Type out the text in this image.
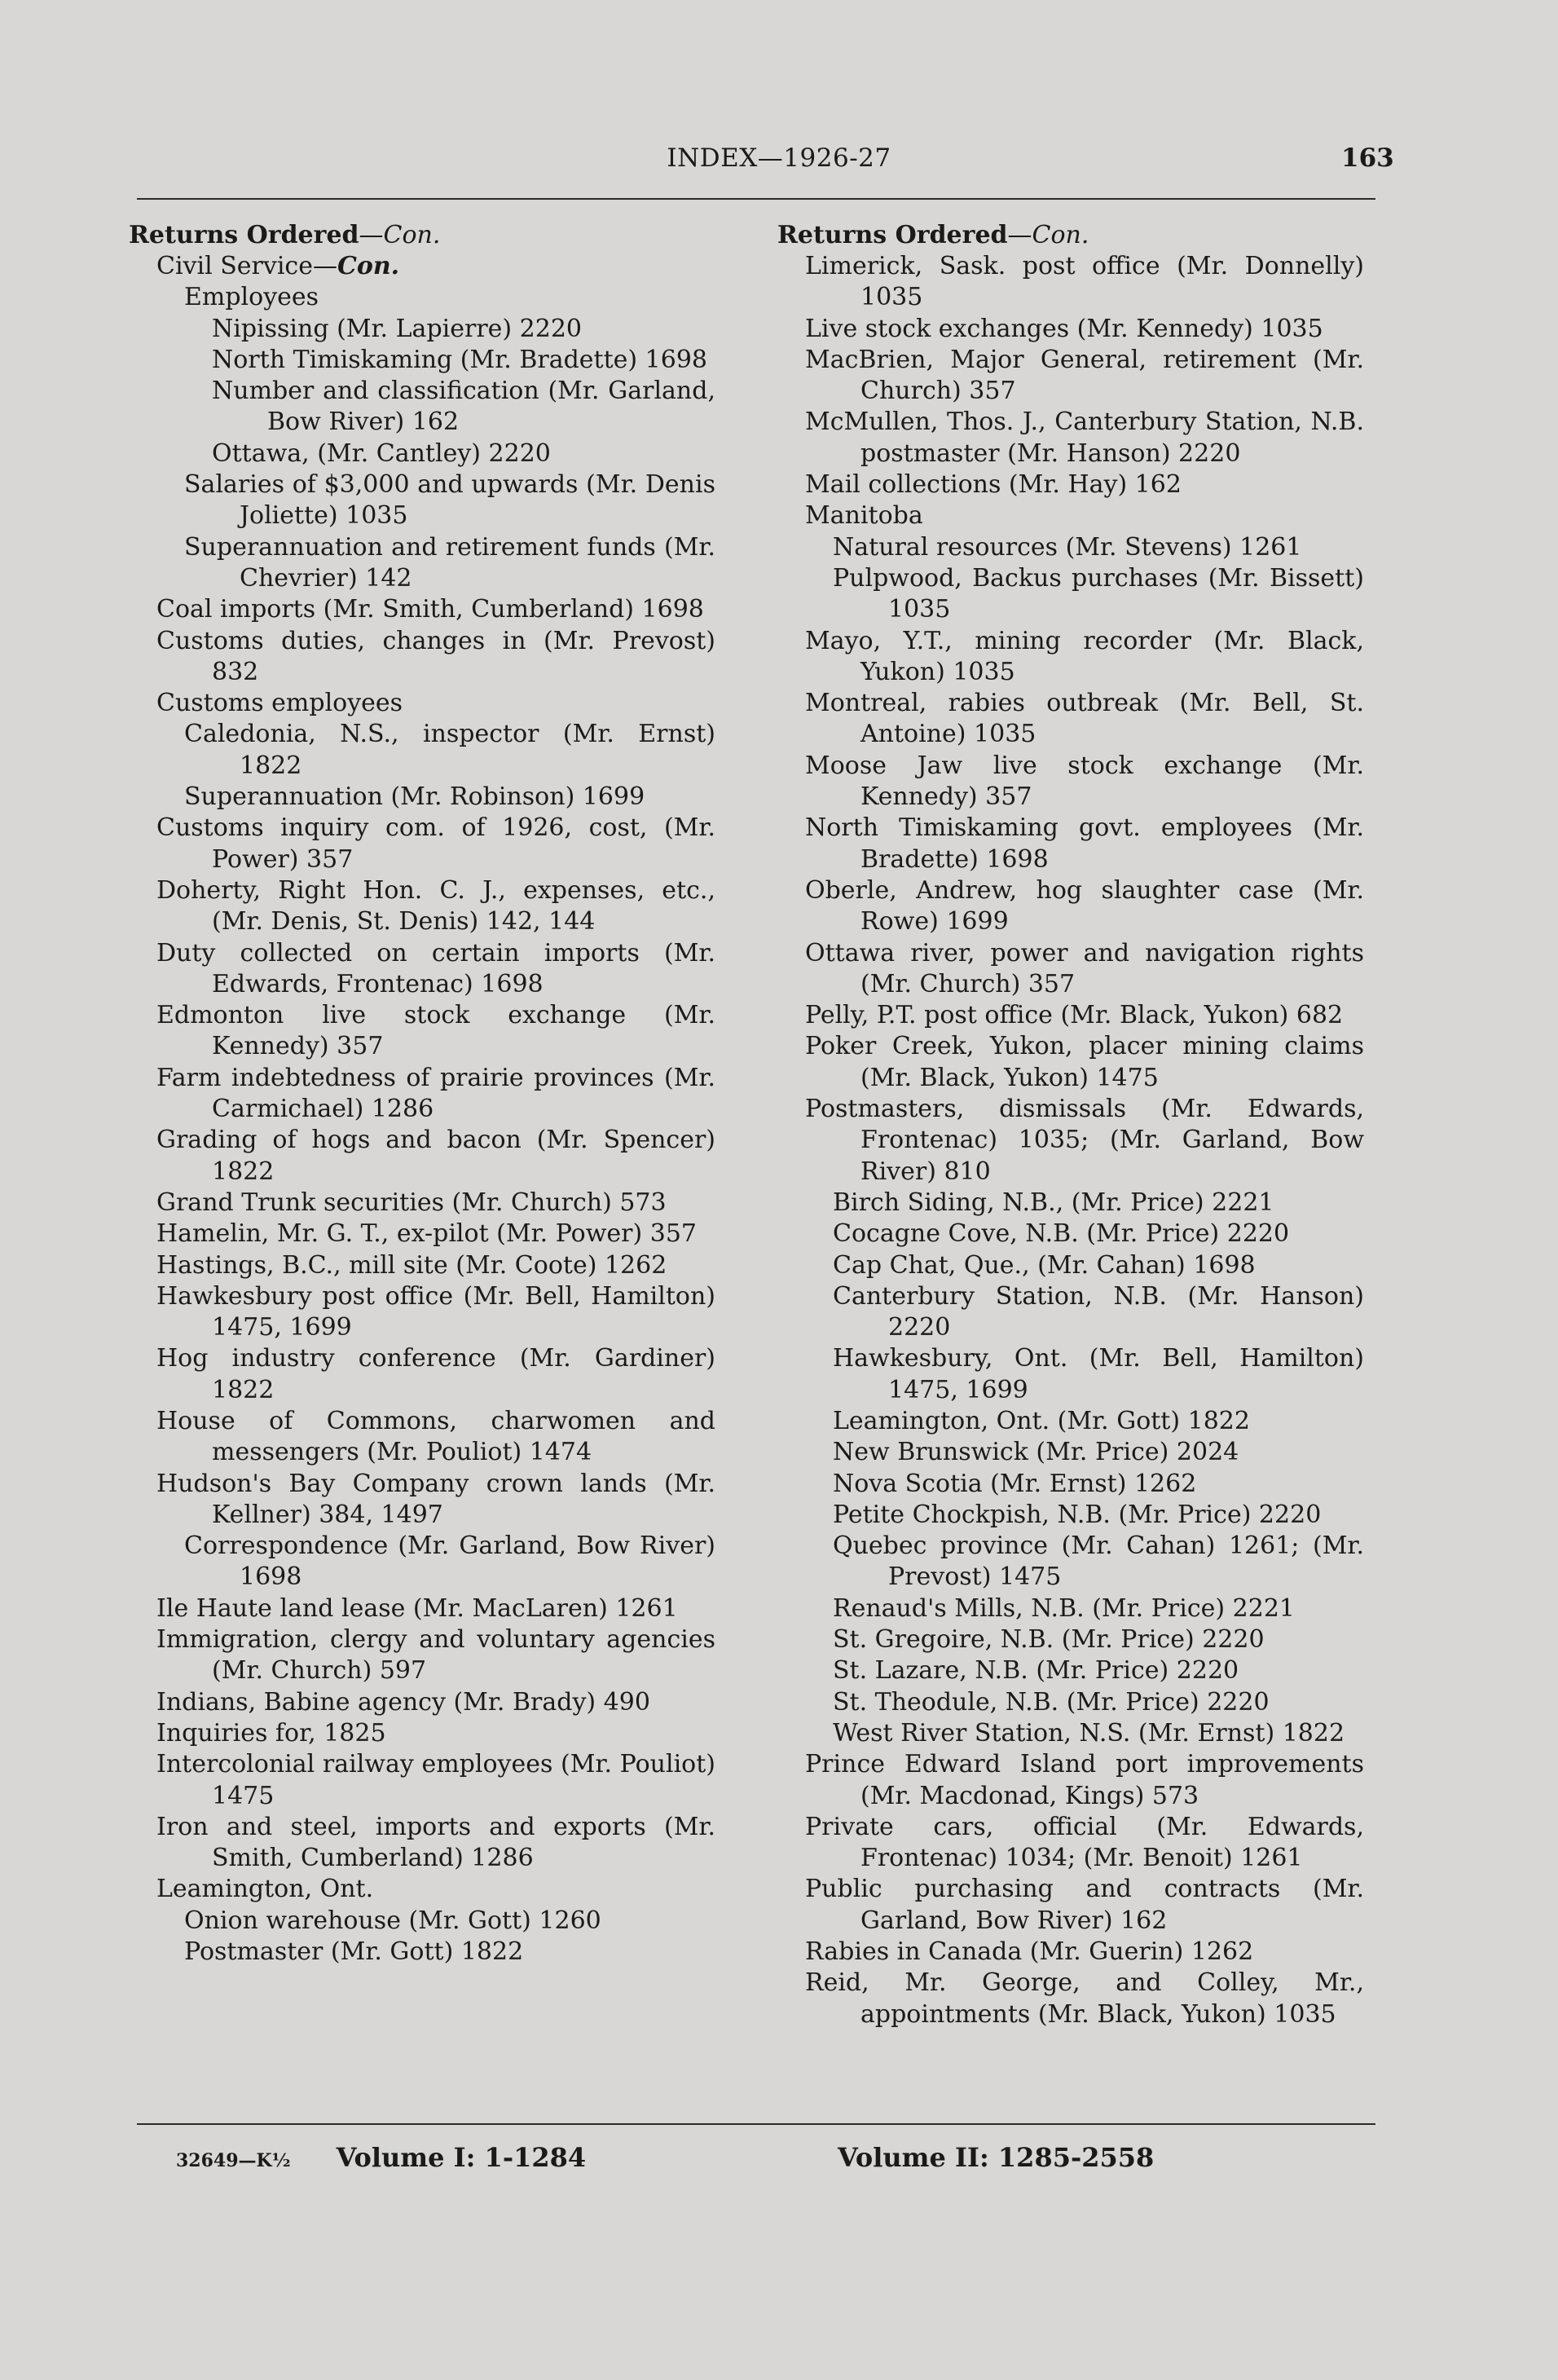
INDEX—1926-27	163

Returns Ordered—Con.

Civil Service—Con.

Employees

Nipissing (Mr. Lapierre) 2220

North Timiskaming (Mr. Bradette) 1698

Number and classification (Mr. Garland, Bow River) 162

Ottawa, (Mr. Cantley) 2220

Salaries of $3,000 and upwards (Mr. Denis Joliette) 1035

Superannuation and retirement funds (Mr. Chevrier) 142

Coal imports (Mr. Smith, Cumberland) 1698

Customs duties, changes in (Mr. Prevost) 832

Customs employees

Caledonia, N.S., inspector (Mr. Ernst) 1822

Superannuation (Mr. Robinson) 1699

Customs inquiry com. of 1926, cost, (Mr. Power) 357

Doherty, Right Hon. C. J., expenses, etc., (Mr. Denis, St. Denis) 142, 144

Duty collected on certain imports (Mr. Edwards, Frontenac) 1698

Edmonton live stock exchange (Mr. Kennedy) 357

Farm indebtedness of prairie provinces (Mr. Carmichael) 1286

Grading of hogs and bacon (Mr. Spencer) 1822

Grand Trunk securities (Mr. Church) 573

Hamelin, Mr. G. T., ex-pilot (Mr. Power) 357

Hastings, B.C., mill site (Mr. Coote) 1262

Hawkesbury post office (Mr. Bell, Hamilton) 1475, 1699

Hog industry conference (Mr. Gardiner) 1822

House of Commons, charwomen and messengers (Mr. Pouliot) 1474

Hudson's Bay Company crown lands (Mr. Kellner) 384, 1497

Correspondence (Mr. Garland, Bow River) 1698

Ile Haute land lease (Mr. MacLaren) 1261

Immigration, clergy and voluntary agencies (Mr. Church) 597

Indians, Babine agency (Mr. Brady) 490

Inquiries for, 1825

Intercolonial railway employees (Mr. Pouliot) 1475

Iron and steel, imports and exports (Mr. Smith, Cumberland) 1286

Leamington, Ont.

Onion warehouse (Mr. Gott) 1260

Postmaster (Mr. Gott) 1822

Returns Ordered—Con.

Limerick, Sask. post office (Mr. Donnelly) 1035

Live stock exchanges (Mr. Kennedy) 1035

MacBrien, Major General, retirement (Mr. Church) 357

McMullen, Thos. J., Canterbury Station, N.B. postmaster (Mr. Hanson) 2220

Mail collections (Mr. Hay) 162

Manitoba

Natural resources (Mr. Stevens) 1261

Pulpwood, Backus purchases (Mr. Bissett) 1035

Mayo, Y.T., mining recorder (Mr. Black, Yukon) 1035

Montreal, rabies outbreak (Mr. Bell, St. Antoine) 1035

Moose Jaw live stock exchange (Mr. Kennedy) 357

North Timiskaming govt. employees (Mr. Bradette) 1698

Oberle, Andrew, hog slaughter case (Mr. Rowe) 1699

Ottawa river, power and navigation rights (Mr. Church) 357

Pelly, P.T. post office (Mr. Black, Yukon) 682

Poker Creek, Yukon, placer mining claims (Mr. Black, Yukon) 1475

Postmasters, dismissals (Mr. Edwards, Frontenac) 1035; (Mr. Garland, Bow River) 810

Birch Siding, N.B., (Mr. Price) 2221

Cocagne Cove, N.B. (Mr. Price) 2220

Cap Chat, Que., (Mr. Cahan) 1698

Canterbury Station, N.B. (Mr. Hanson) 2220

Hawkesbury, Ont. (Mr. Bell, Hamilton) 1475, 1699

Leamington, Ont. (Mr. Gott) 1822

New Brunswick (Mr. Price) 2024

Nova Scotia (Mr. Ernst) 1262

Petite Chockpish, N.B. (Mr. Price) 2220

Quebec province (Mr. Cahan) 1261; (Mr. Prevost) 1475

Renaud's Mills, N.B. (Mr. Price) 2221

St. Gregoire, N.B. (Mr. Price) 2220

St. Lazare, N.B. (Mr. Price) 2220

St. Theodule, N.B. (Mr. Price) 2220

West River Station, N.S. (Mr. Ernst) 1822

Prince Edward Island port improvements (Mr. Macdonad, Kings) 573

Private cars, official (Mr. Edwards, Frontenac) 1034; (Mr. Benoit) 1261

Public purchasing and contracts (Mr. Garland, Bow River) 162

Rabies in Canada (Mr. Guerin) 1262

Reid, Mr. George, and Colley, Mr., appointments (Mr. Black, Yukon) 1035

32649—K½ Volume I: 1-1284	Volume II: 1285-2558
